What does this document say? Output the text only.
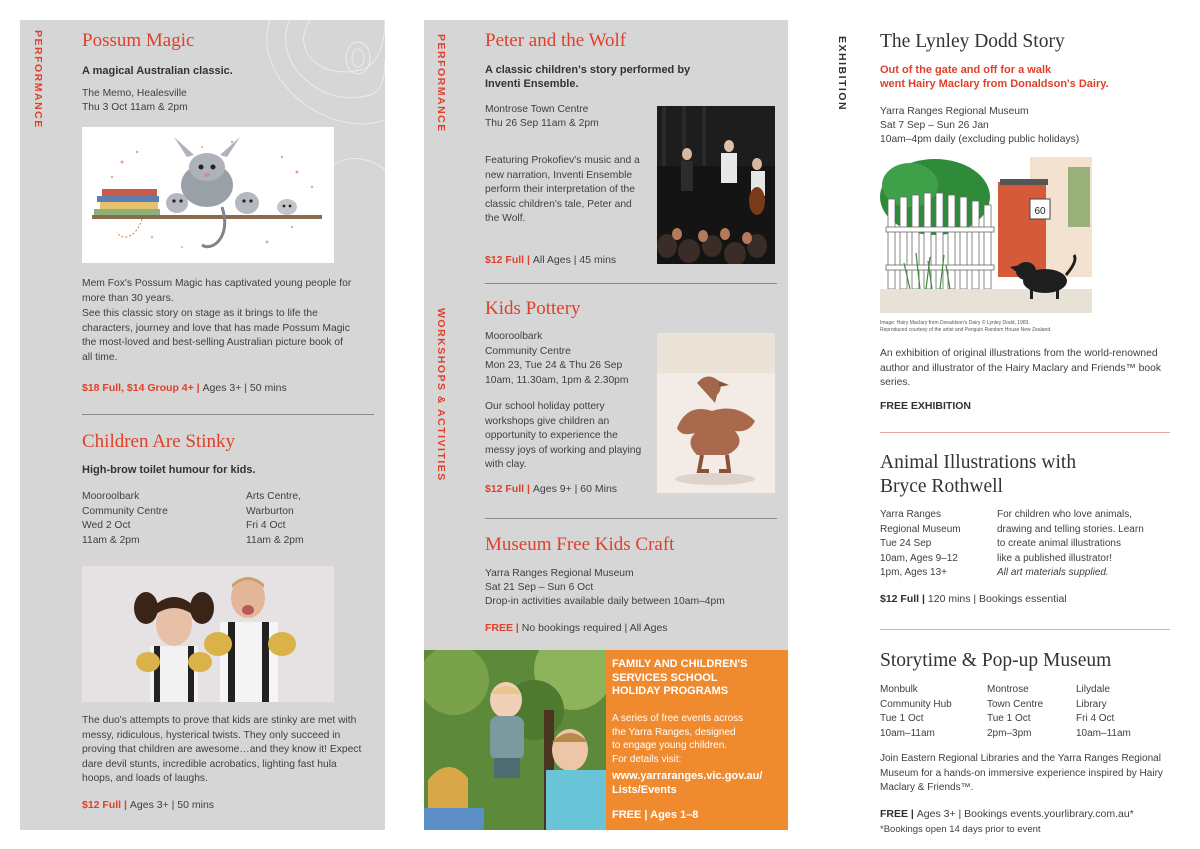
PERFORMANCE Possum Magic
A magical Australian classic.
The Memo, Healesville
Thu 3 Oct 11am & 2pm
Mem Fox's Possum Magic has captivated young people for more than 30 years.
See this classic story on stage as it brings to life the characters, journey and love that has made Possum Magic the most-loved and best-selling Australian picture book of all time.
$18 Full, $14 Group 4+ | Ages 3+ | 50 mins
Children Are Stinky
High-brow toilet humour for kids.
Mooroolbark
Community Centre
Wed 2 Oct
11am & 2pm
Arts Centre,
Warburton
Fri 4 Oct
11am & 2pm
The duo's attempts to prove that kids are stinky are met with messy, ridiculous, hysterical twists. They only succeed in proving that children are awesome…and they know it! Expect dare devil stunts, incredible acrobatics, lighting fast hula hoops, and loads of laughs.
$12 Full | Ages 3+ | 50 mins
PERFORMANCE
WORKSHOPS & ACTIVITIES
Peter and the Wolf
A classic children's story performed by Inventi Ensemble.
Montrose Town Centre
Thu 26 Sep 11am & 2pm
Featuring Prokofiev's music and a new narration, Inventi Ensemble perform their interpretation of the classic children's tale, Peter and the Wolf.
$12 Full | All Ages | 45 mins
Kids Pottery
Mooroolbark
Community Centre
Mon 23, Tue 24 & Thu 26 Sep
10am, 11.30am, 1pm & 2.30pm
Our school holiday pottery workshops give children an opportunity to experience the messy joys of working and playing with clay.
$12 Full | Ages 9+ | 60 Mins
Museum Free Kids Craft
Yarra Ranges Regional Museum
Sat 21 Sep – Sun 6 Oct
Drop-in activities available daily between 10am–4pm
FREE | No bookings required | All Ages
FAMILY AND CHILDREN'S
SERVICES SCHOOL
HOLIDAY PROGRAMS
A series of free events across
the Yarra Ranges, designed
to engage young children.
For details visit:
www.yarraranges.vic.gov.au/
Lists/Events
FREE | Ages 1–8
EXHIBITION The Lynley Dodd Story
Out of the gate and off for a walk
went Hairy Maclary from Donaldson's Dairy.
Yarra Ranges Regional Museum
Sat 7 Sep – Sun 26 Jan
10am–4pm daily (excluding public holidays)
60
Image: Hairy Maclary from Donaldson's Dairy © Lynley Dodd, 1983.
Reproduced courtesy of the artist and Penguin Random House New Zealand.
An exhibition of original illustrations from the world-renowned author and illustrator of the Hairy Maclary and Friends™ book series.
FREE EXHIBITION
Animal Illustrations with
Bryce Rothwell
Yarra Ranges
Regional Museum
Tue 24 Sep
10am, Ages 9–12
1pm, Ages 13+
For children who love animals,
drawing and telling stories. Learn
to create animal illustrations
like a published illustrator!
All art materials supplied.
$12 Full | 120 mins | Bookings essential
Storytime & Pop-up Museum
Monbulk
Community Hub
Tue 1 Oct
10am–11am
Montrose
Town Centre
Tue 1 Oct
2pm–3pm
Lilydale
Library
Fri 4 Oct
10am–11am
Join Eastern Regional Libraries and the Yarra Ranges Regional Museum for a hands-on immersive experience inspired by Hairy Maclary & Friends™.
FREE | Ages 3+ | Bookings events.yourlibrary.com.au*
*Bookings open 14 days prior to event
